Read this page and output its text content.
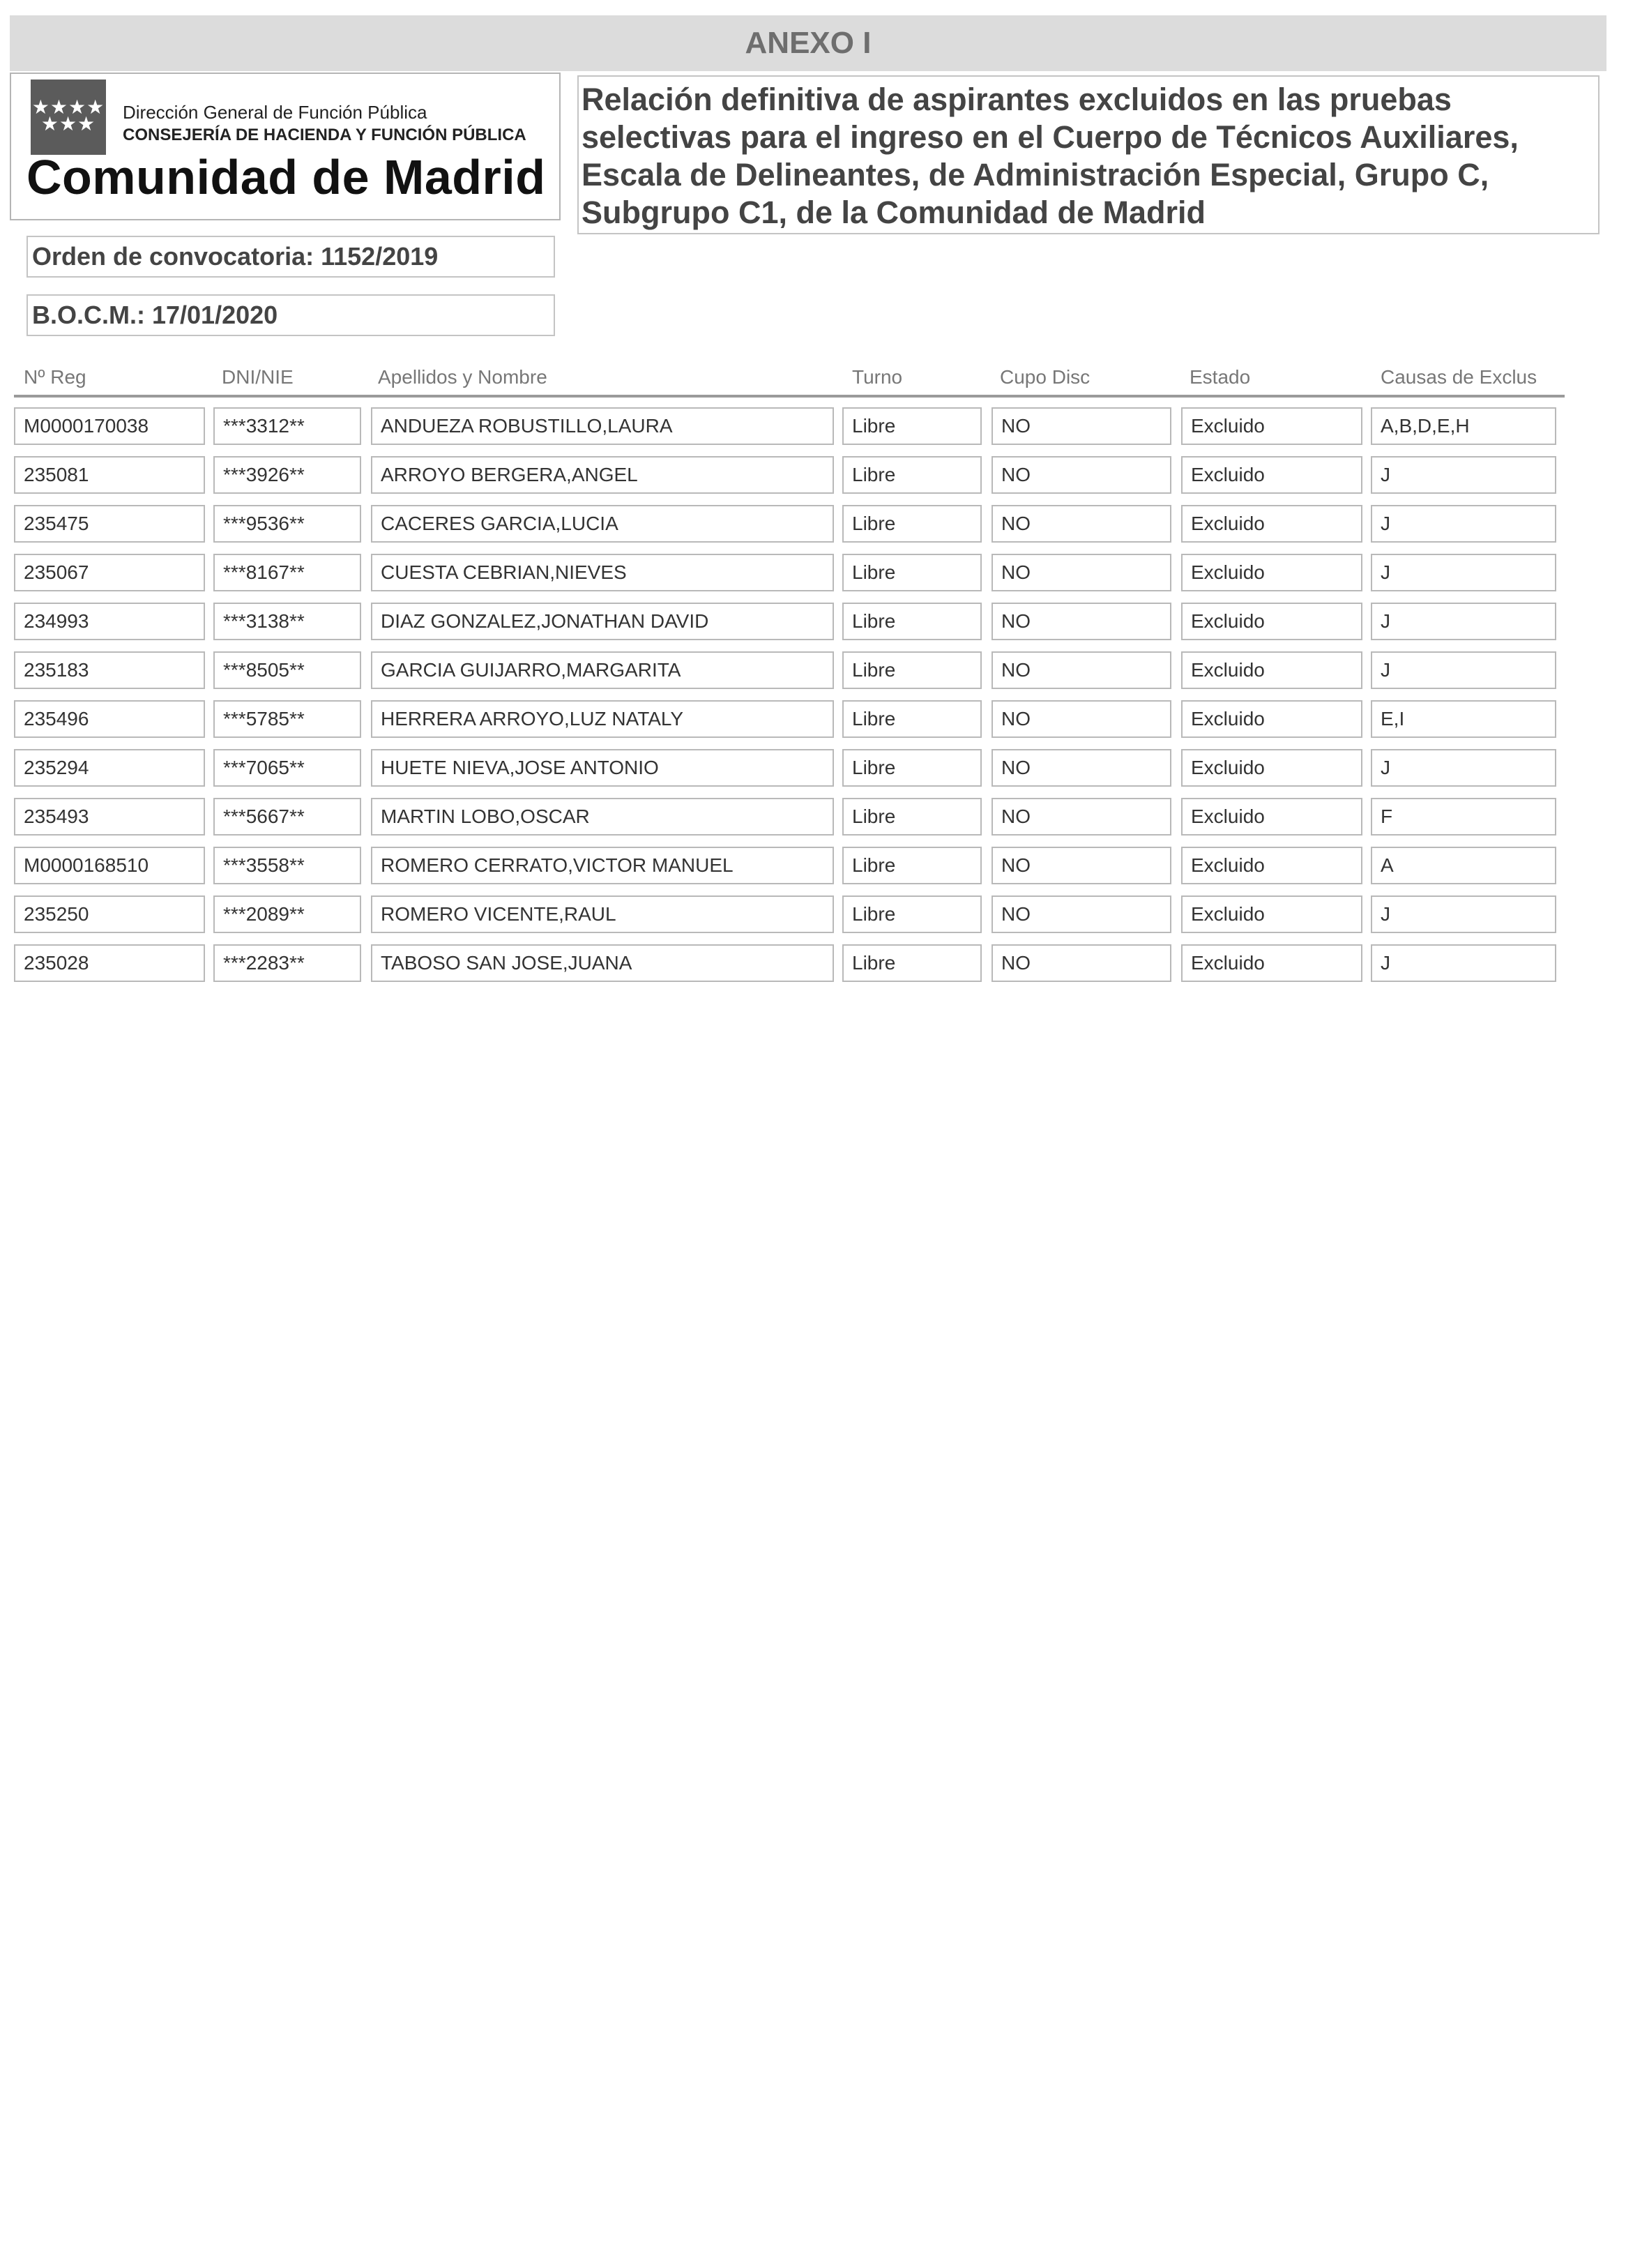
ANEXO I
★★★★
★★★
Dirección General de Función Pública
CONSEJERÍA DE HACIENDA Y FUNCIÓN PÚBLICA
Comunidad de Madrid
Relación definitiva de aspirantes excluidos en las pruebas selectivas para el ingreso en el Cuerpo de Técnicos Auxiliares, Escala de Delineantes, de Administración Especial, Grupo C, Subgrupo C1, de la Comunidad de Madrid
Orden de convocatoria: 1152/2019
B.O.C.M.: 17/01/2020
Nº Reg	DNI/NIE	Apellidos y Nombre	Turno	Cupo Disc	Estado	Causas de Exclus
M0000170038	***3312**	ANDUEZA ROBUSTILLO,LAURA	Libre	NO	Excluido	A,B,D,E,H
235081	***3926**	ARROYO BERGERA,ANGEL	Libre	NO	Excluido	J
235475	***9536**	CACERES GARCIA,LUCIA	Libre	NO	Excluido	J
235067	***8167**	CUESTA CEBRIAN,NIEVES	Libre	NO	Excluido	J
234993	***3138**	DIAZ GONZALEZ,JONATHAN DAVID	Libre	NO	Excluido	J
235183	***8505**	GARCIA GUIJARRO,MARGARITA	Libre	NO	Excluido	J
235496	***5785**	HERRERA ARROYO,LUZ NATALY	Libre	NO	Excluido	E,I
235294	***7065**	HUETE NIEVA,JOSE ANTONIO	Libre	NO	Excluido	J
235493	***5667**	MARTIN LOBO,OSCAR	Libre	NO	Excluido	F
M0000168510	***3558**	ROMERO CERRATO,VICTOR MANUEL	Libre	NO	Excluido	A
235250	***2089**	ROMERO VICENTE,RAUL	Libre	NO	Excluido	J
235028	***2283**	TABOSO SAN JOSE,JUANA	Libre	NO	Excluido	J
